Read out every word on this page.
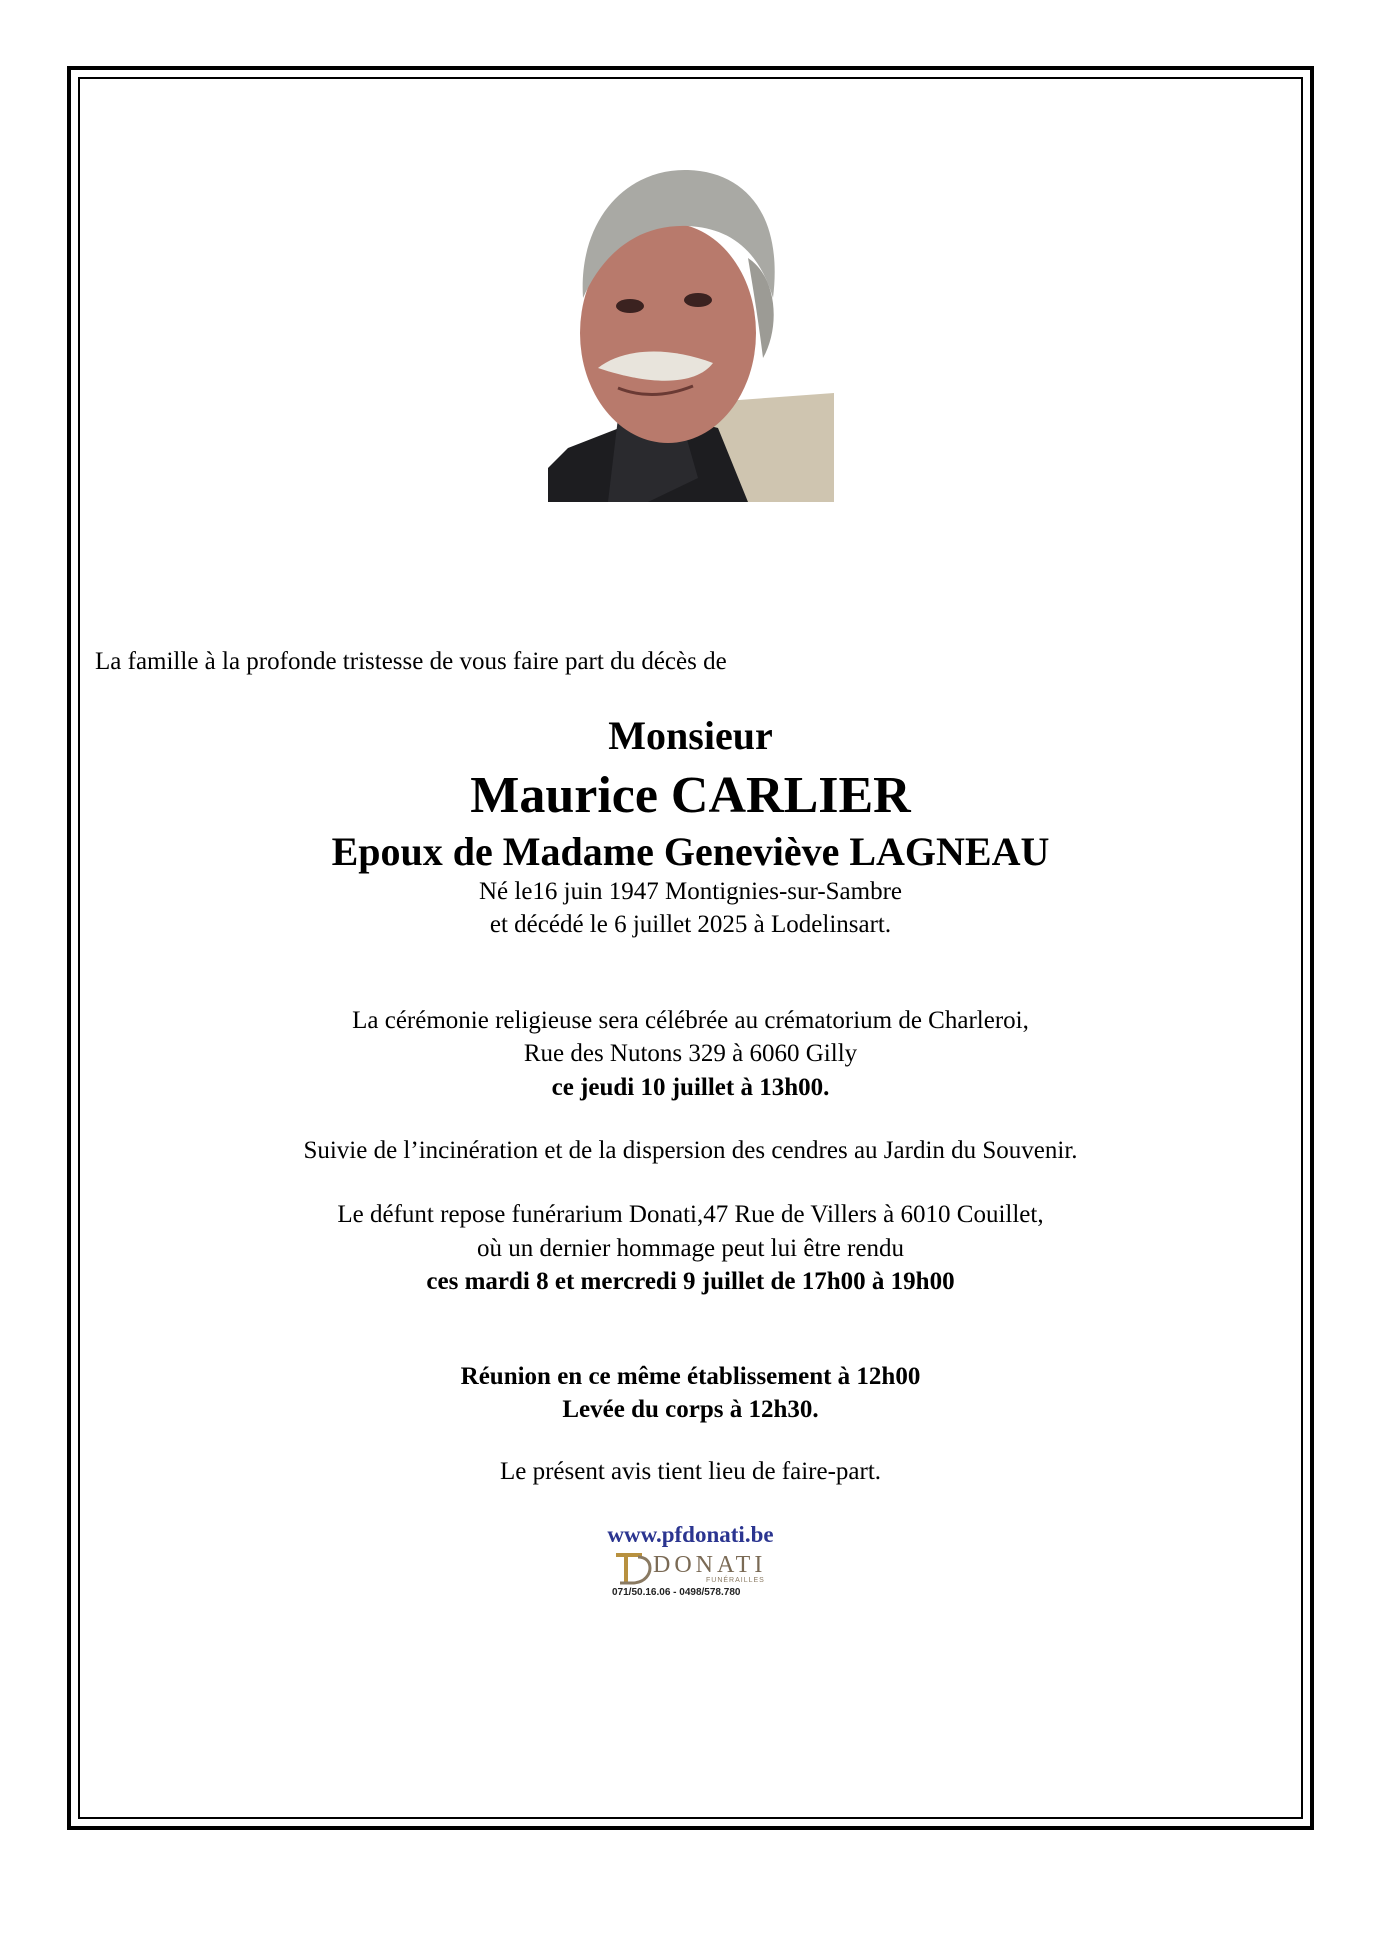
La famille à la profonde tristesse de vous faire part du décès de
Monsieur
Maurice CARLIER
Epoux de Madame Geneviève LAGNEAU
Né le16 juin 1947 Montignies-sur-Sambre
et décédé le 6 juillet 2025 à Lodelinsart.
La cérémonie religieuse sera célébrée au crématorium de Charleroi,
Rue des Nutons 329 à 6060 Gilly
ce jeudi 10 juillet à 13h00.
Suivie de l’incinération et de la dispersion des cendres au Jardin du Souvenir.
Le défunt repose funérarium Donati,47 Rue de Villers à 6010 Couillet,
où un dernier hommage peut lui être rendu
ces mardi 8 et mercredi 9 juillet de 17h00 à 19h00
Réunion en ce même établissement à 12h00
Levée du corps à 12h30.
Le présent avis tient lieu de faire-part.
www.pfdonati.be
DONATI
FUNÉRAILLES
071/50.16.06 - 0498/578.780
